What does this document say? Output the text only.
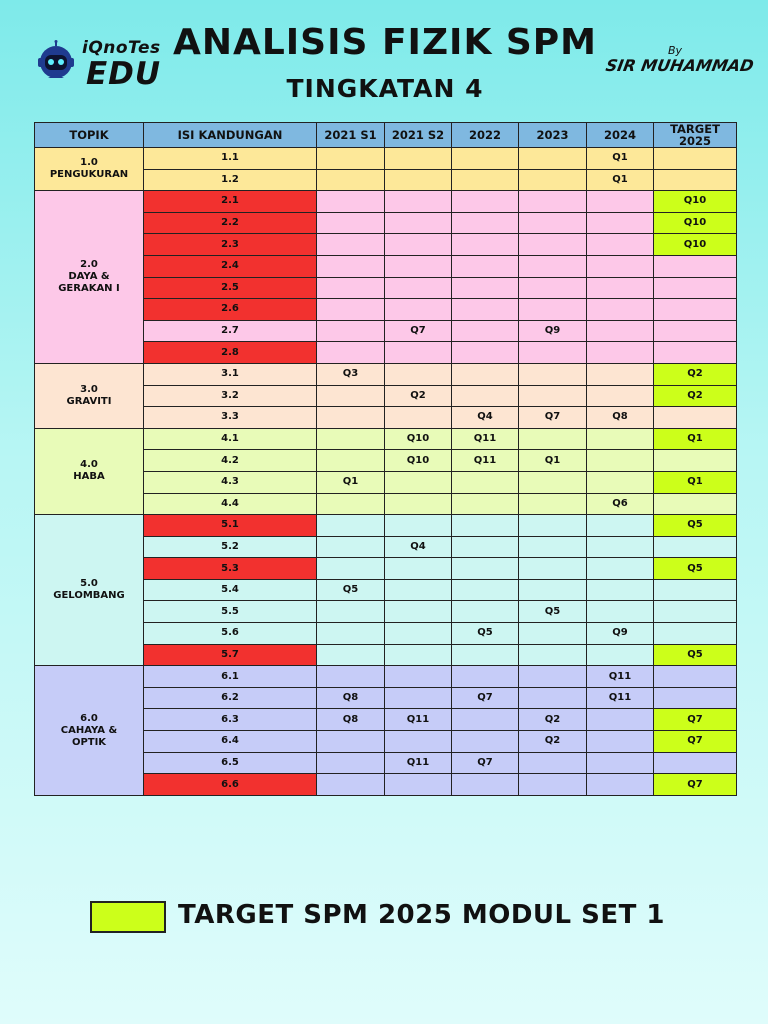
iQnoTes
EDU
ANALISIS FIZIK SPM
TINGKATAN 4
By
SIR MUHAMMAD
TOPIK	ISI KANDUNGAN	2021 S1	2021 S2	2022	2023	2024	TARGET 2025

1.0
PENGUKURAN	1.1					Q1	
	1.2					Q1	

2.0
DAYA &
GERAKAN I	2.1						Q10
	2.2						Q10
	2.3						Q10
	2.4						
	2.5						
	2.6						
	2.7		Q7		Q9		
	2.8						

3.0
GRAVITI	3.1	Q3					Q2
	3.2		Q2				Q2
	3.3			Q4	Q7	Q8	

4.0
HABA	4.1		Q10	Q11			Q1
	4.2		Q10	Q11	Q1		
	4.3	Q1					Q1
	4.4					Q6	

5.0
GELOMBANG	5.1						Q5
	5.2		Q4				
	5.3						Q5
	5.4	Q5					
	5.5				Q5		
	5.6			Q5		Q9	
	5.7						Q5

6.0
CAHAYA &
OPTIK	6.1					Q11	
	6.2	Q8		Q7		Q11	
	6.3	Q8	Q11		Q2		Q7
	6.4				Q2		Q7
	6.5		Q11	Q7			
	6.6						Q7
TARGET SPM 2025 MODUL SET 1
